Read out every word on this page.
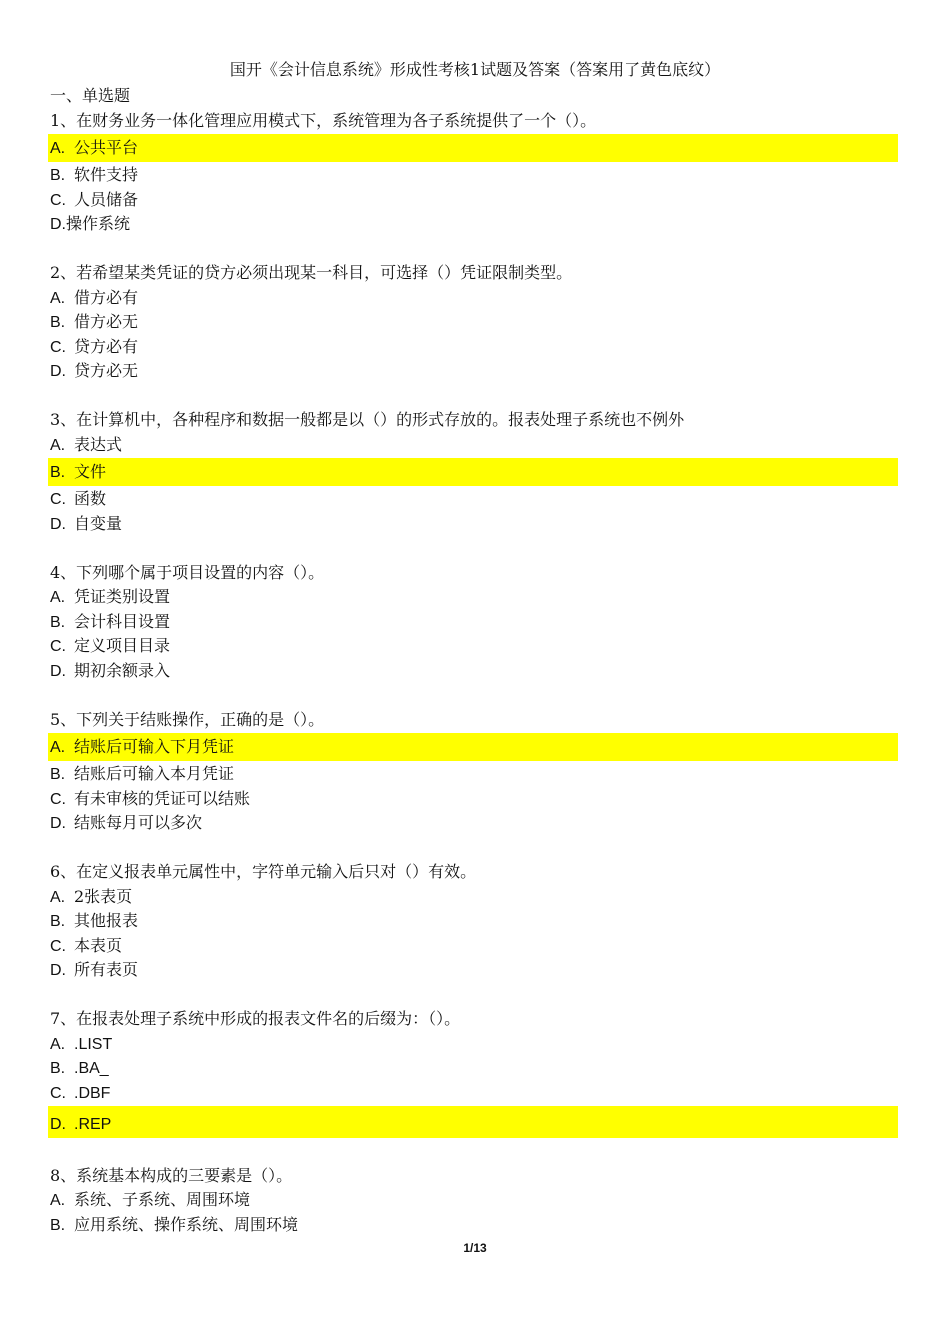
国开《会计信息系统》形成性考核1试题及答案（答案用了黄色底纹）
一、单选题
1、在财务业务一体化管理应用模式下，系统管理为各子系统提供了一个（）。
A. 公共平台
B. 软件支持
C. 人员储备
D.操作系统
2、若希望某类凭证的贷方必须出现某一科目，可选择（）凭证限制类型。
A. 借方必有
B. 借方必无
C. 贷方必有
D. 贷方必无
3、在计算机中，各种程序和数据一般都是以（）的形式存放的。报表处理子系统也不例外
A. 表达式
B. 文件
C. 函数
D. 自变量
4、下列哪个属于项目设置的内容（）。
A. 凭证类别设置
B. 会计科目设置
C. 定义项目目录
D. 期初余额录入
5、下列关于结账操作，正确的是（）。
A. 结账后可输入下月凭证
B. 结账后可输入本月凭证
C. 有未审核的凭证可以结账
D. 结账每月可以多次
6、在定义报表单元属性中，字符单元输入后只对（）有效。
A. 2张表页
B. 其他报表
C. 本表页
D. 所有表页
7、在报表处理子系统中形成的报表文件名的后缀为：（）。
A. .LIST
B. .BA_
C. .DBF
D. .REP
8、系统基本构成的三要素是（）。
A. 系统、子系统、周围环境
B. 应用系统、操作系统、周围环境
1/13
